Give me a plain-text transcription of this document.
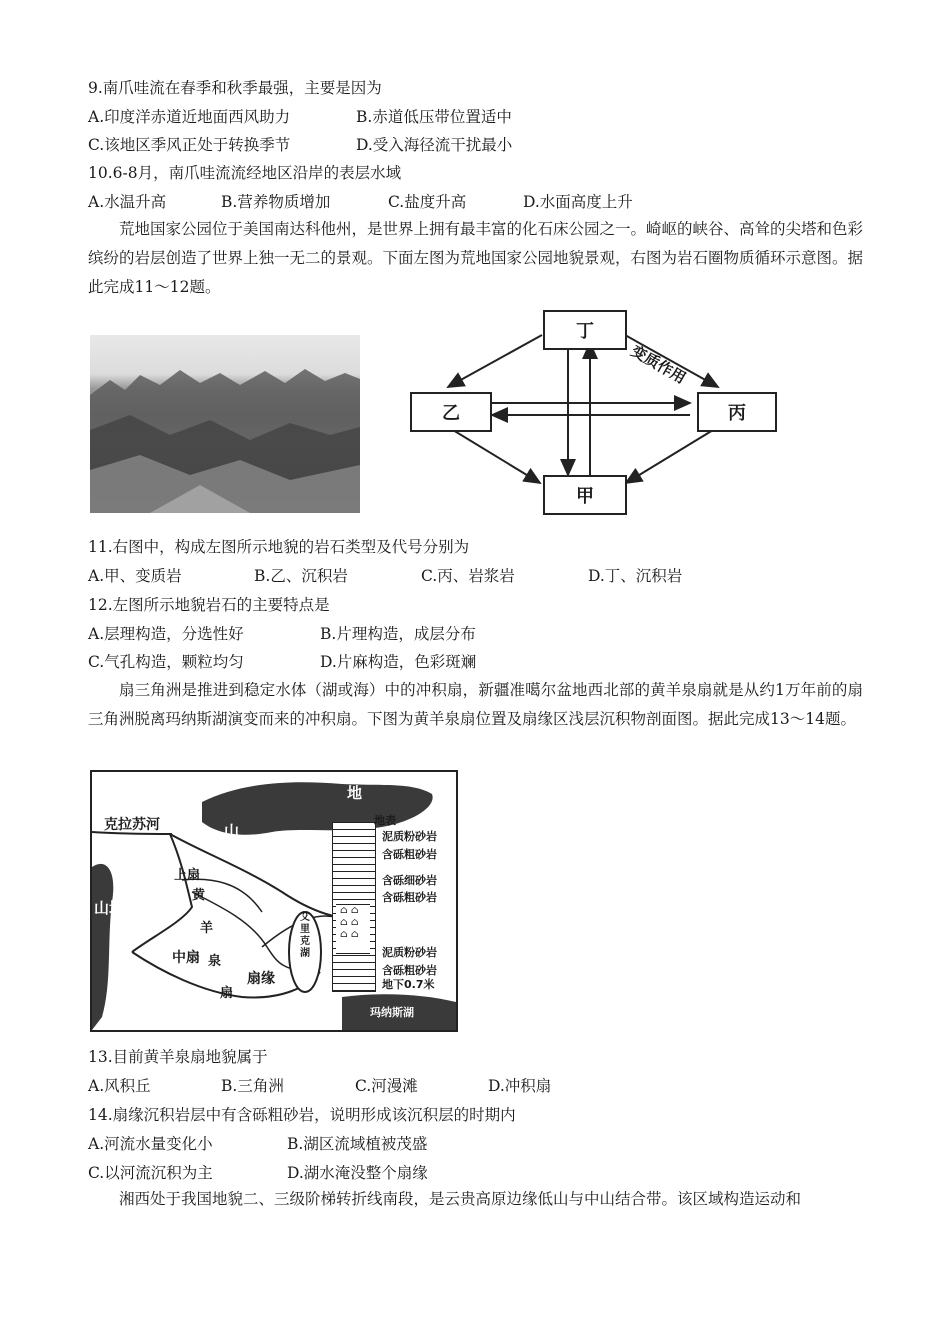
9.南爪哇流在春季和秋季最强，主要是因为
A.印度洋赤道近地面西风助力	B.赤道低压带位置适中
C.该地区季风正处于转换季节	D.受入海径流干扰最小
10.6-8月，南爪哇流流经地区沿岸的表层水域
A.水温升高	B.营养物质增加	C.盐度升高	D.水面高度上升
荒地国家公园位于美国南达科他州，是世界上拥有最丰富的化石床公园之一。崎岖的峡谷、高耸的尖塔和色彩缤纷的岩层创造了世界上独一无二的景观。下面左图为荒地国家公园地貌景观，右图为岩石圈物质循环示意图。据此完成11～12题。
丁
乙	丙
甲
变质作用
11.右图中，构成左图所示地貌的岩石类型及代号分别为
A.甲、变质岩	B.乙、沉积岩	C.丙、岩浆岩	D.丁、沉积岩
12.左图所示地貌岩石的主要特点是
A.层理构造，分选性好	B.片理构造，成层分布
C.气孔构造，颗粒均匀	D.片麻构造，色彩斑斓
扇三角洲是推进到稳定水体（湖或海）中的冲积扇，新疆准噶尔盆地西北部的黄羊泉扇就是从约1万年前的扇三角洲脱离玛纳斯湖演变而来的冲积扇。下图为黄羊泉扇位置及扇缘区浅层沉积物剖面图。据此完成13～14题。
⌂ ⌂
⌂ ⌂
⌂ ⌂
地
山
克拉苏河
山地
上扇
黄
羊
中扇 泉
扇
扇缘
艾里克湖
玛纳斯湖
地表
泥质粉砂岩
含砾粗砂岩
含砾细砂岩
含砾粗砂岩
泥质粉砂岩
含砾粗砂岩
地下0.7米
13.目前黄羊泉扇地貌属于
A.风积丘	B.三角洲	C.河漫滩	D.冲积扇
14.扇缘沉积岩层中有含砾粗砂岩，说明形成该沉积层的时期内
A.河流水量变化小	B.湖区流域植被茂盛
C.以河流沉积为主	D.湖水淹没整个扇缘
湘西处于我国地貌二、三级阶梯转折线南段，是云贵高原边缘低山与中山结合带。该区域构造运动和
